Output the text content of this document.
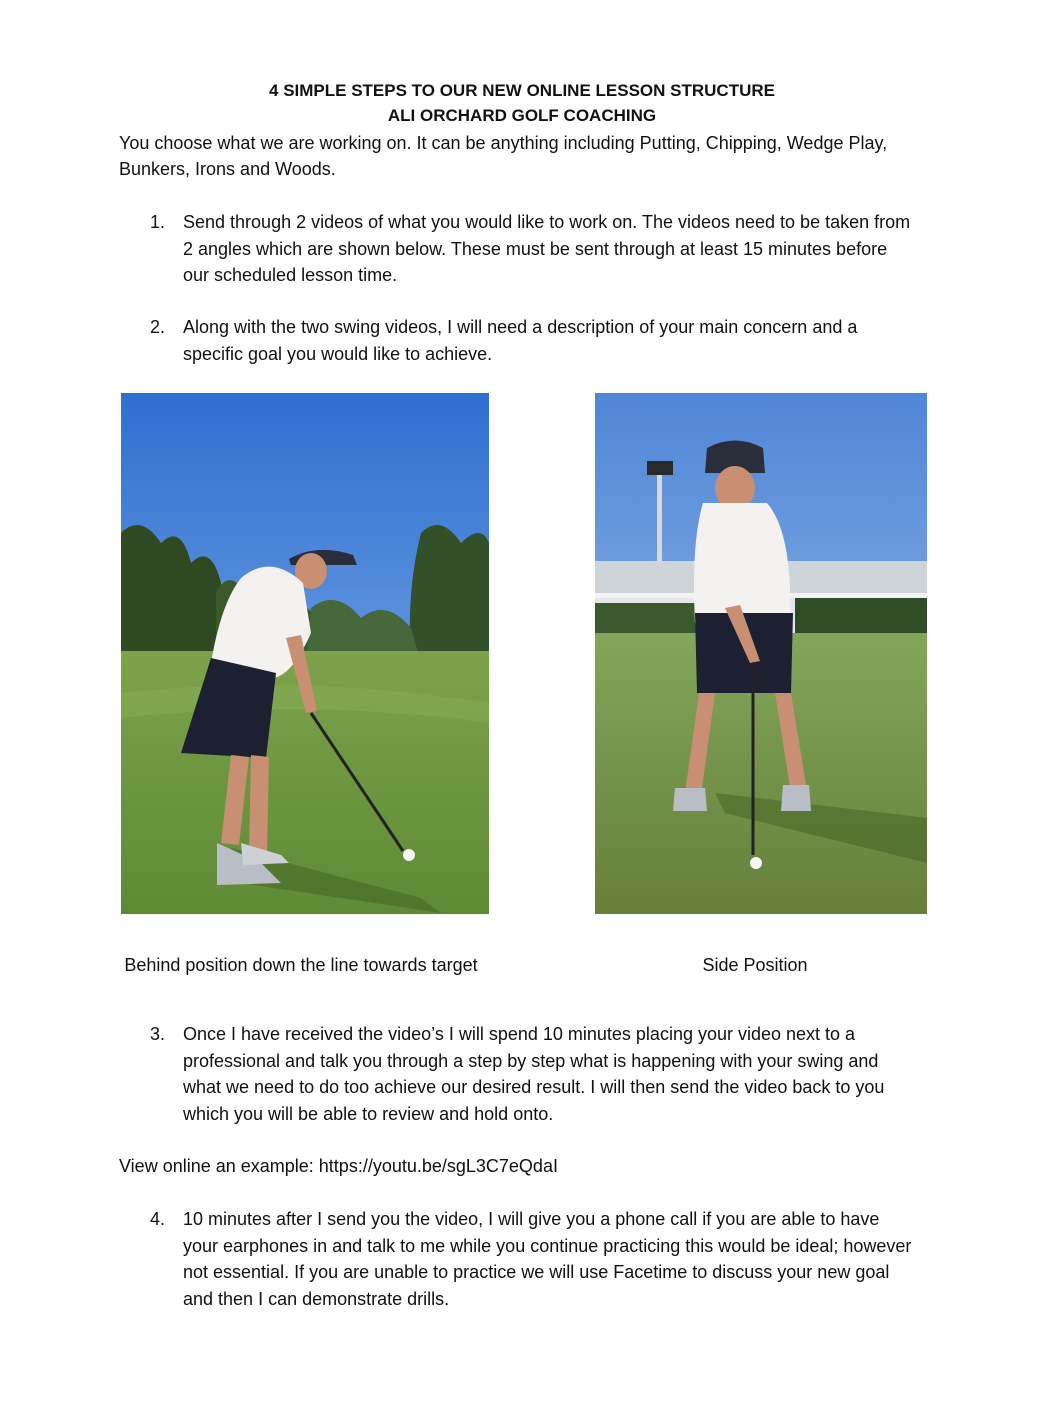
4 SIMPLE STEPS TO OUR NEW ONLINE LESSON STRUCTURE
ALI ORCHARD GOLF COACHING
You choose what we are working on. It can be anything including Putting, Chipping, Wedge Play, Bunkers, Irons and Woods.
1. Send through 2 videos of what you would like to work on. The videos need to be taken from 2 angles which are shown below. These must be sent through at least 15 minutes before our scheduled lesson time.
2. Along with the two swing videos, I will need a description of your main concern and a specific goal you would like to achieve.
Behind position down the line towards target	Side Position
3. Once I have received the video’s I will spend 10 minutes placing your video next to a professional and talk you through a step by step what is happening with your swing and what we need to do too achieve our desired result. I will then send the video back to you which you will be able to review and hold onto.
View online an example: https://youtu.be/sgL3C7eQdaI
4. 10 minutes after I send you the video, I will give you a phone call if you are able to have your earphones in and talk to me while you continue practicing this would be ideal; however not essential. If you are unable to practice we will use Facetime to discuss your new goal and then I can demonstrate drills.
